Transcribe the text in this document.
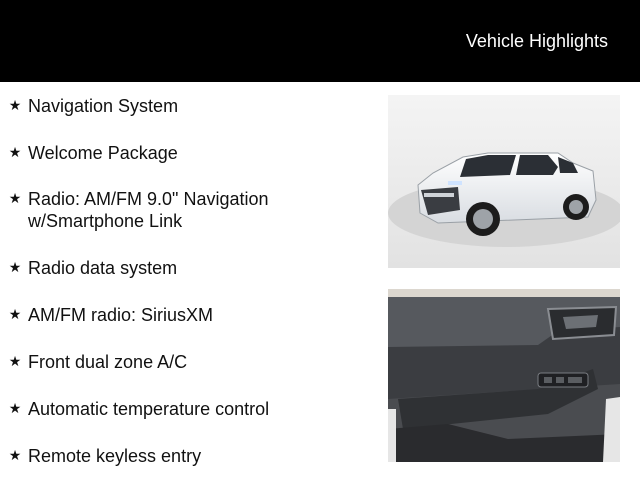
Vehicle Highlights
★ Navigation System
★ Welcome Package
★ Radio: AM/FM 9.0" Navigation w/Smartphone Link
★ Radio data system
★ AM/FM radio: SiriusXM
★ Front dual zone A/C
★ Automatic temperature control
★ Remote keyless entry
